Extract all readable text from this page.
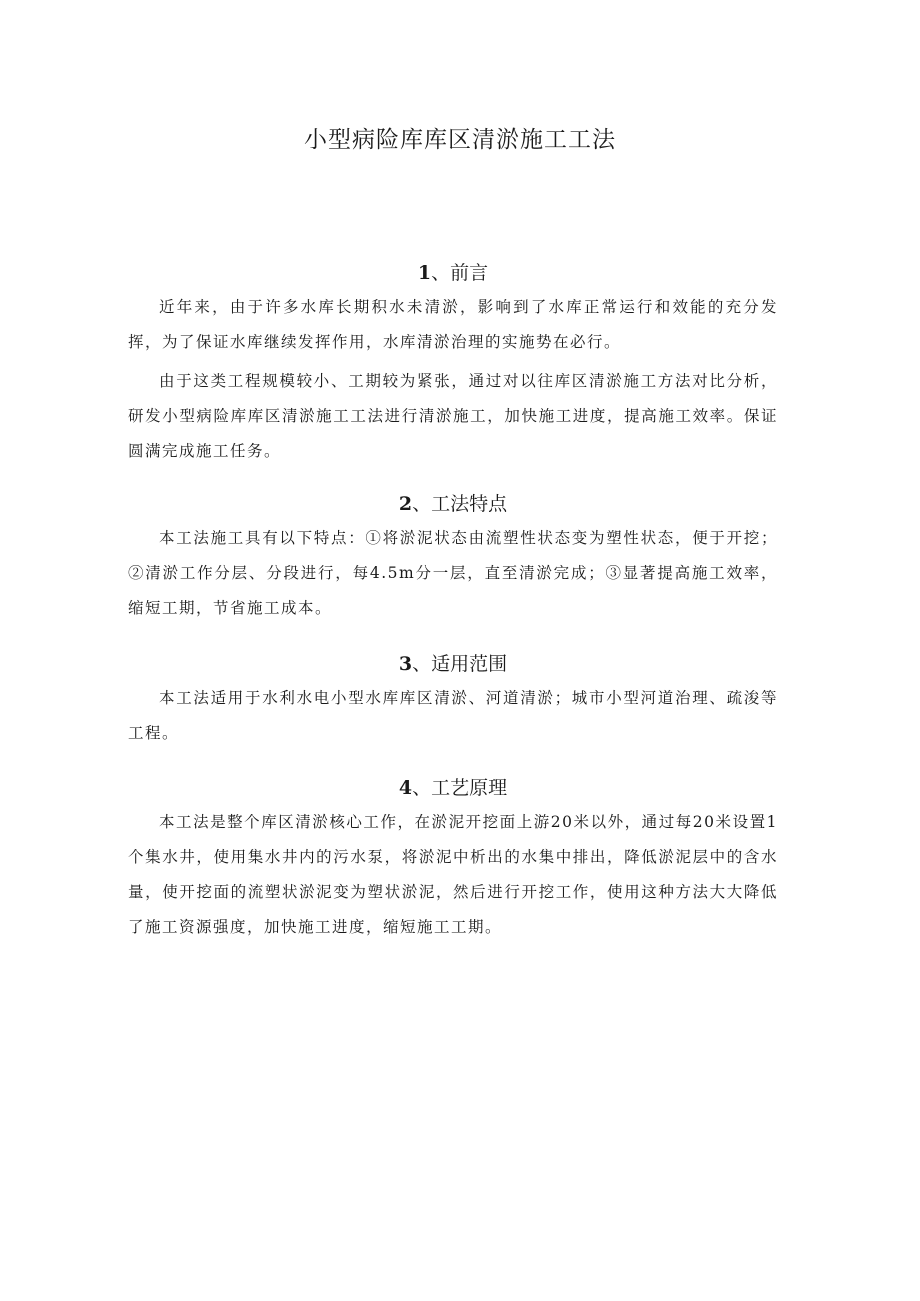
小型病险库库区清淤施工工法
1、前言

近年来，由于许多水库长期积水未清淤，影响到了水库正常运行和效能的充分发挥，为了保证水库继续发挥作用，水库清淤治理的实施势在必行。

由于这类工程规模较小、工期较为紧张，通过对以往库区清淤施工方法对比分析，研发小型病险库库区清淤施工工法进行清淤施工，加快施工进度，提高施工效率。保证圆满完成施工任务。

2、工法特点

本工法施工具有以下特点：①将淤泥状态由流塑性状态变为塑性状态，便于开挖；②清淤工作分层、分段进行，每4.5m分一层，直至清淤完成；③显著提高施工效率，缩短工期，节省施工成本。

3、适用范围

本工法适用于水利水电小型水库库区清淤、河道清淤；城市小型河道治理、疏浚等工程。

4、工艺原理

本工法是整个库区清淤核心工作，在淤泥开挖面上游20米以外，通过每20米设置1个集水井，使用集水井内的污水泵，将淤泥中析出的水集中排出，降低淤泥层中的含水量，使开挖面的流塑状淤泥变为塑状淤泥，然后进行开挖工作，使用这种方法大大降低了施工资源强度，加快施工进度，缩短施工工期。
